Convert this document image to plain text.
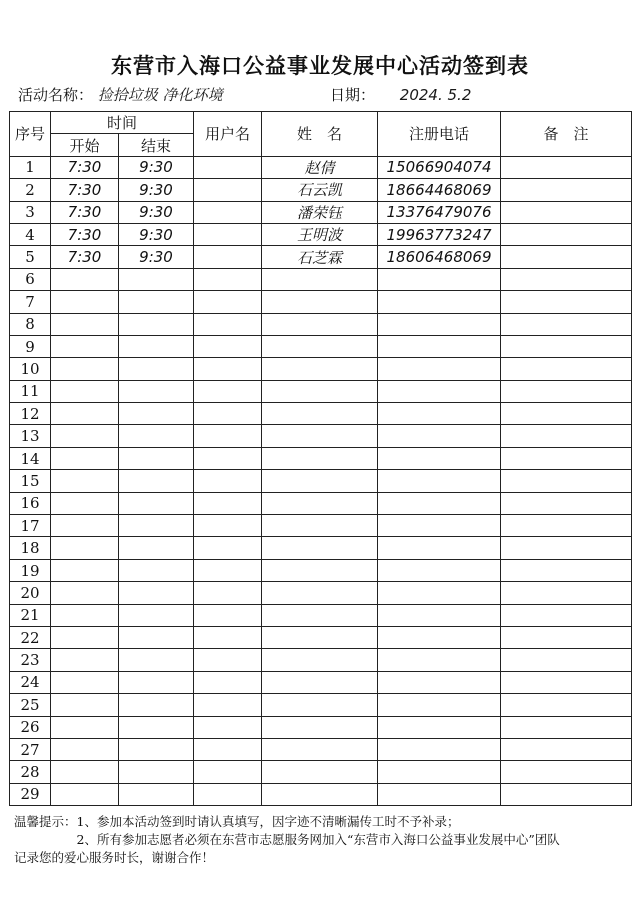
东营市入海口公益事业发展中心活动签到表
活动名称： 捡拾垃圾 净化环境	日期： 2024. 5.2
序号	时间		用户名	姓　名	注册电话	备　注
	开始	结束				
1	7:30	9:30		赵倩	15066904074	
2	7:30	9:30		石云凯	18664468069	
3	7:30	9:30		潘荣钰	13376479076	
4	7:30	9:30		王明波	19963773247	
5	7:30	9:30		石芝霖	18606468069	
6						
7						
8						
9						
10						
11						
12						
13						
14						
15						
16						
17						
18						
19						
20						
21						
22						
23						
24						
25						
26						
27						
28						
29						
温馨提示：1、参加本活动签到时请认真填写，因字迹不清晰漏传工时不予补录；
　　　　　2、所有参加志愿者必须在东营市志愿服务网加入“东营市入海口公益事业发展中心”团队
记录您的爱心服务时长，谢谢合作！
